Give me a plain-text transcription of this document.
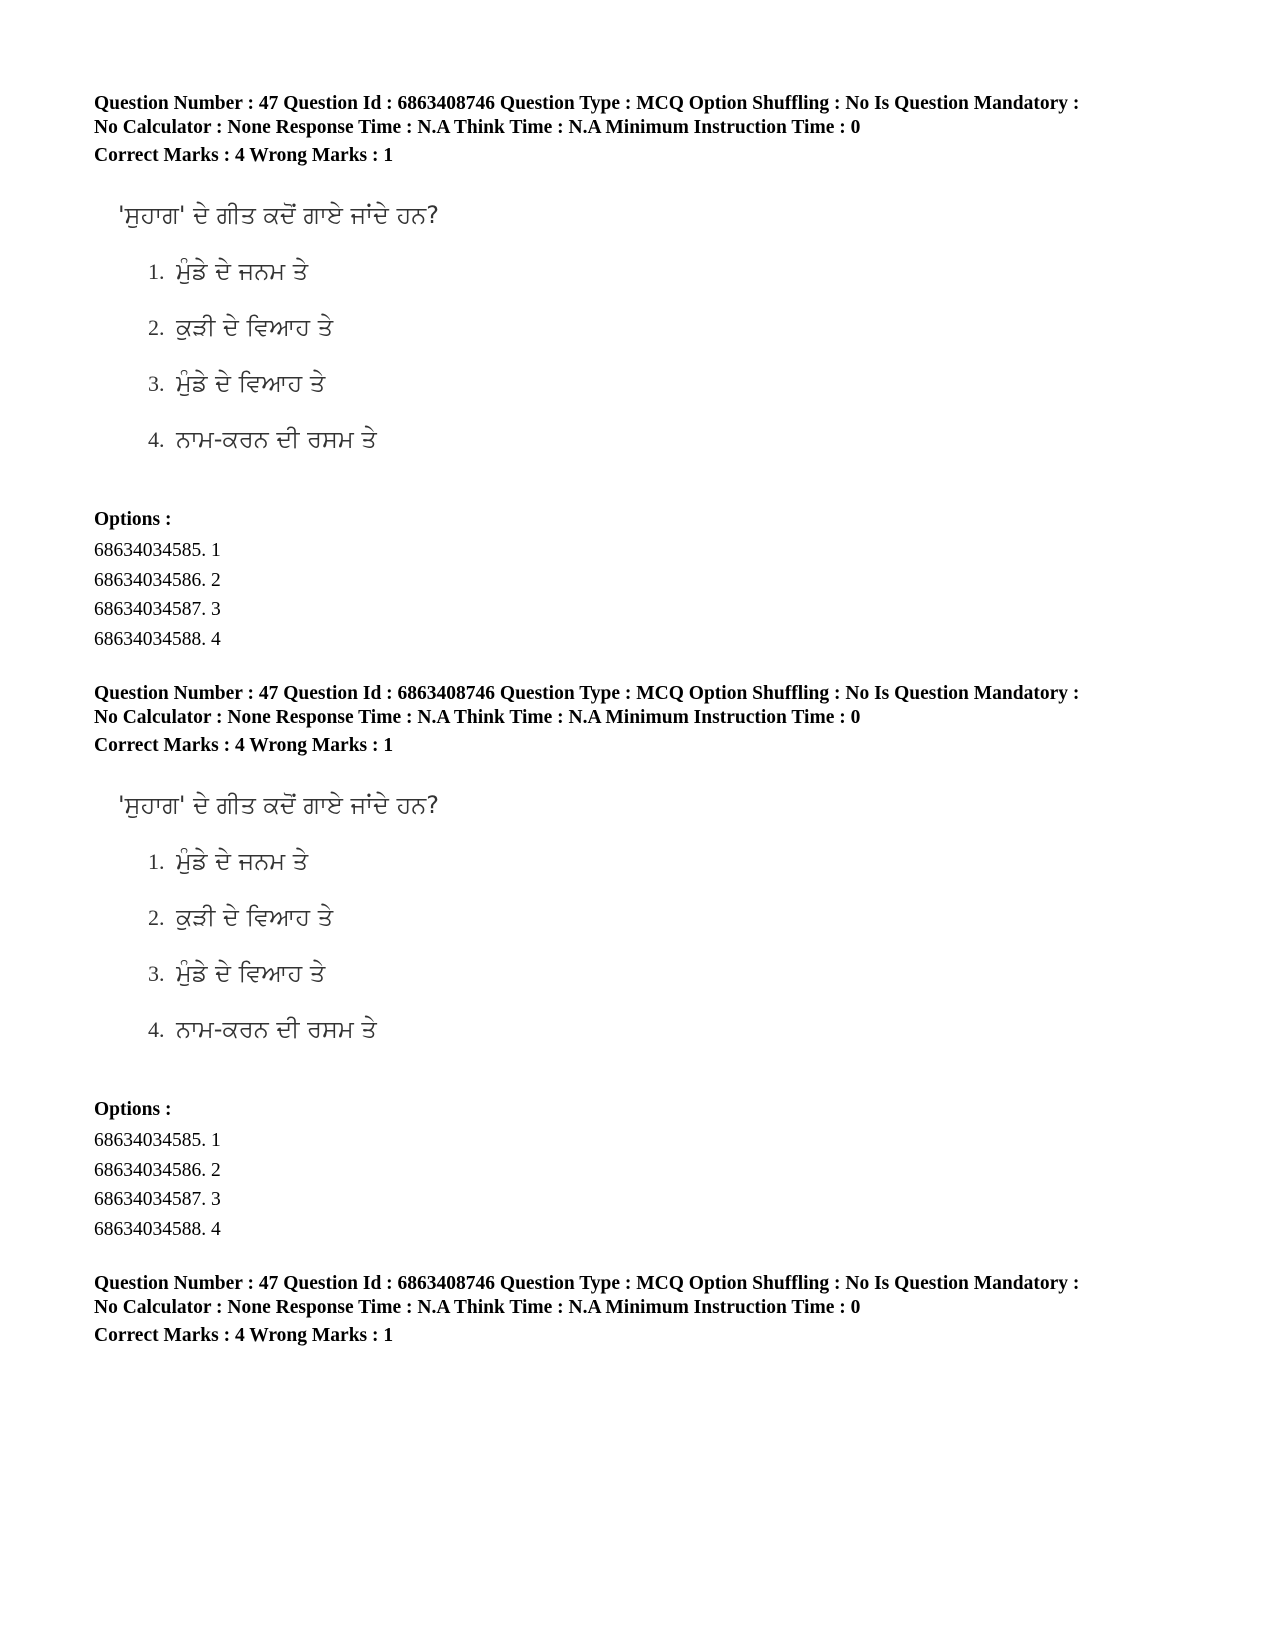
Question Number : 47 Question Id : 6863408746 Question Type : MCQ Option Shuffling : No Is Question Mandatory :
No Calculator : None Response Time : N.A Think Time : N.A Minimum Instruction Time : 0
Correct Marks : 4 Wrong Marks : 1
'ਸੁਹਾਗ' ਦੇ ਗੀਤ ਕਦੋਂ ਗਾਏ ਜਾਂਦੇ ਹਨ?
1. ਮੁੰਡੇ ਦੇ ਜਨਮ ਤੇ
2. ਕੁੜੀ ਦੇ ਵਿਆਹ ਤੇ
3. ਮੁੰਡੇ ਦੇ ਵਿਆਹ ਤੇ
4. ਨਾਮ-ਕਰਨ ਦੀ ਰਸਮ ਤੇ
Options :
68634034585. 1
68634034586. 2
68634034587. 3
68634034588. 4
Question Number : 47 Question Id : 6863408746 Question Type : MCQ Option Shuffling : No Is Question Mandatory :
No Calculator : None Response Time : N.A Think Time : N.A Minimum Instruction Time : 0
Correct Marks : 4 Wrong Marks : 1
'ਸੁਹਾਗ' ਦੇ ਗੀਤ ਕਦੋਂ ਗਾਏ ਜਾਂਦੇ ਹਨ?
1. ਮੁੰਡੇ ਦੇ ਜਨਮ ਤੇ
2. ਕੁੜੀ ਦੇ ਵਿਆਹ ਤੇ
3. ਮੁੰਡੇ ਦੇ ਵਿਆਹ ਤੇ
4. ਨਾਮ-ਕਰਨ ਦੀ ਰਸਮ ਤੇ
Options :
68634034585. 1
68634034586. 2
68634034587. 3
68634034588. 4
Question Number : 47 Question Id : 6863408746 Question Type : MCQ Option Shuffling : No Is Question Mandatory :
No Calculator : None Response Time : N.A Think Time : N.A Minimum Instruction Time : 0
Correct Marks : 4 Wrong Marks : 1
